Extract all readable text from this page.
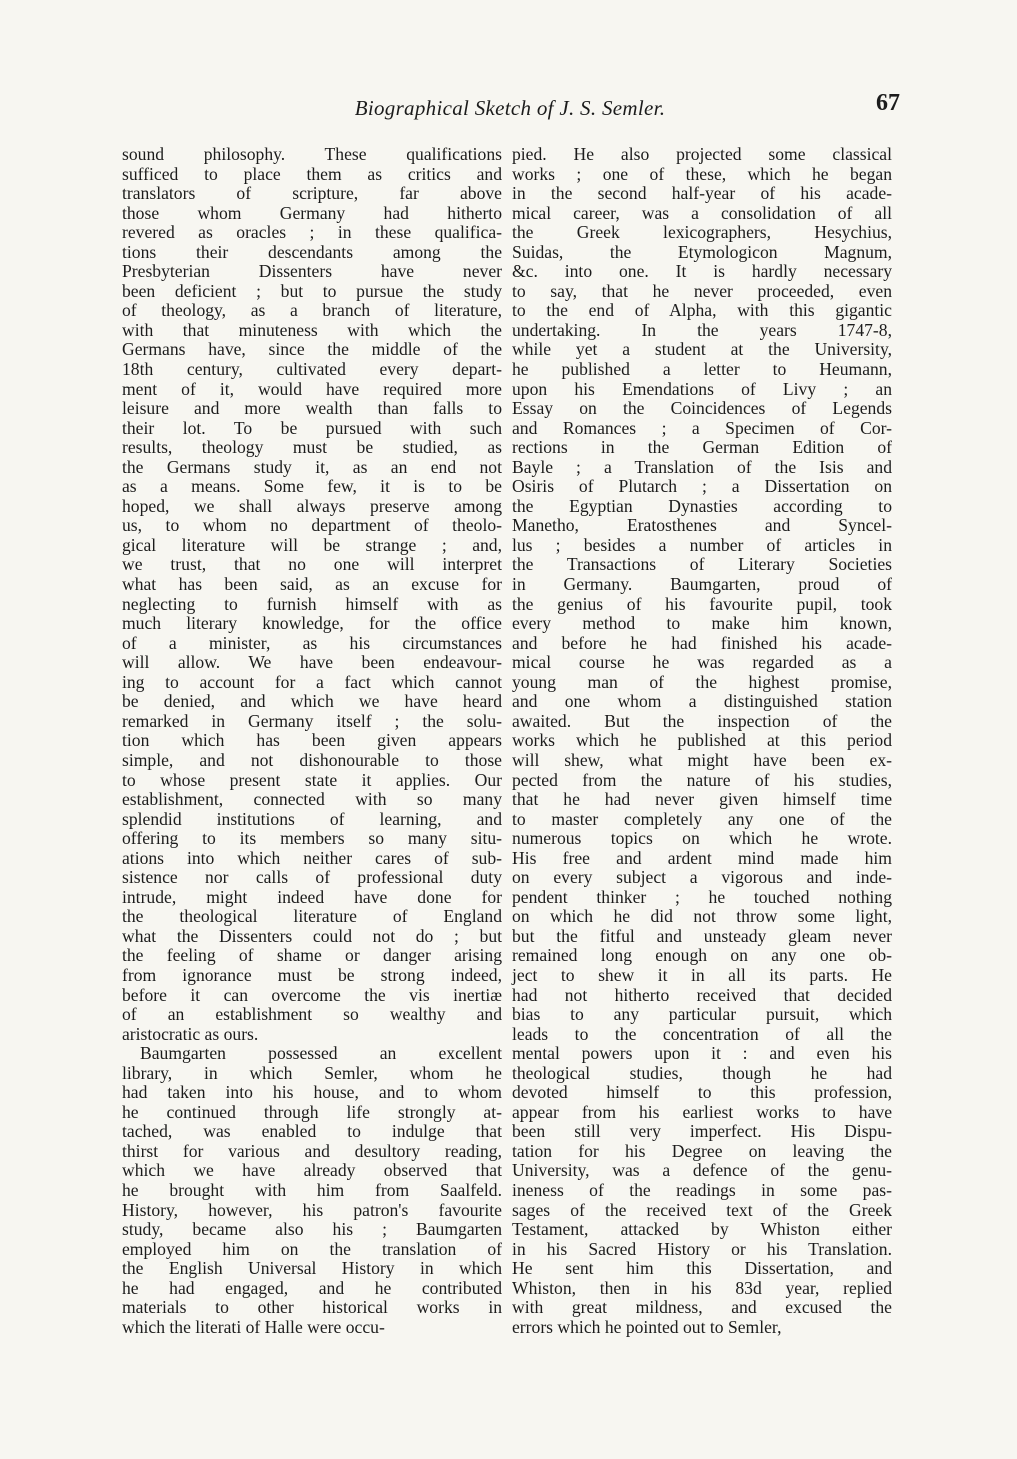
Biographical Sketch of J. S. Semler.	67
sound philosophy. These qualifications
sufficed to place them as critics and
translators of scripture, far above
those whom Germany had hitherto
revered as oracles ; in these qualifica-
tions their descendants among the
Presbyterian Dissenters have never
been deficient ; but to pursue the study
of theology, as a branch of literature,
with that minuteness with which the
Germans have, since the middle of the
18th century, cultivated every depart-
ment of it, would have required more
leisure and more wealth than falls to
their lot. To be pursued with such
results, theology must be studied, as
the Germans study it, as an end not
as a means. Some few, it is to be
hoped, we shall always preserve among
us, to whom no department of theolo-
gical literature will be strange ; and,
we trust, that no one will interpret
what has been said, as an excuse for
neglecting to furnish himself with as
much literary knowledge, for the office
of a minister, as his circumstances
will allow. We have been endeavour-
ing to account for a fact which cannot
be denied, and which we have heard
remarked in Germany itself ; the solu-
tion which has been given appears
simple, and not dishonourable to those
to whose present state it applies. Our
establishment, connected with so many
splendid institutions of learning, and
offering to its members so many situ-
ations into which neither cares of sub-
sistence nor calls of professional duty
intrude, might indeed have done for
the theological literature of England
what the Dissenters could not do ; but
the feeling of shame or danger arising
from ignorance must be strong indeed,
before it can overcome the vis inertiæ
of an establishment so wealthy and
aristocratic as ours.
Baumgarten possessed an excellent
library, in which Semler, whom he
had taken into his house, and to whom
he continued through life strongly at-
tached, was enabled to indulge that
thirst for various and desultory reading,
which we have already observed that
he brought with him from Saalfeld.
History, however, his patron's favourite
study, became also his ; Baumgarten
employed him on the translation of
the English Universal History in which
he had engaged, and he contributed
materials to other historical works in
which the literati of Halle were occu-
pied. He also projected some classical
works ; one of these, which he began
in the second half-year of his acade-
mical career, was a consolidation of all
the Greek lexicographers, Hesychius,
Suidas, the Etymologicon Magnum,
&c. into one. It is hardly necessary
to say, that he never proceeded, even
to the end of Alpha, with this gigantic
undertaking. In the years 1747-8,
while yet a student at the University,
he published a letter to Heumann,
upon his Emendations of Livy ; an
Essay on the Coincidences of Legends
and Romances ; a Specimen of Cor-
rections in the German Edition of
Bayle ; a Translation of the Isis and
Osiris of Plutarch ; a Dissertation on
the Egyptian Dynasties according to
Manetho, Eratosthenes and Syncel-
lus ; besides a number of articles in
the Transactions of Literary Societies
in Germany. Baumgarten, proud of
the genius of his favourite pupil, took
every method to make him known,
and before he had finished his acade-
mical course he was regarded as a
young man of the highest promise,
and one whom a distinguished station
awaited. But the inspection of the
works which he published at this period
will shew, what might have been ex-
pected from the nature of his studies,
that he had never given himself time
to master completely any one of the
numerous topics on which he wrote.
His free and ardent mind made him
on every subject a vigorous and inde-
pendent thinker ; he touched nothing
on which he did not throw some light,
but the fitful and unsteady gleam never
remained long enough on any one ob-
ject to shew it in all its parts. He
had not hitherto received that decided
bias to any particular pursuit, which
leads to the concentration of all the
mental powers upon it : and even his
theological studies, though he had
devoted himself to this profession,
appear from his earliest works to have
been still very imperfect. His Dispu-
tation for his Degree on leaving the
University, was a defence of the genu-
ineness of the readings in some pas-
sages of the received text of the Greek
Testament, attacked by Whiston either
in his Sacred History or his Translation.
He sent him this Dissertation, and
Whiston, then in his 83d year, replied
with great mildness, and excused the
errors which he pointed out to Semler,
